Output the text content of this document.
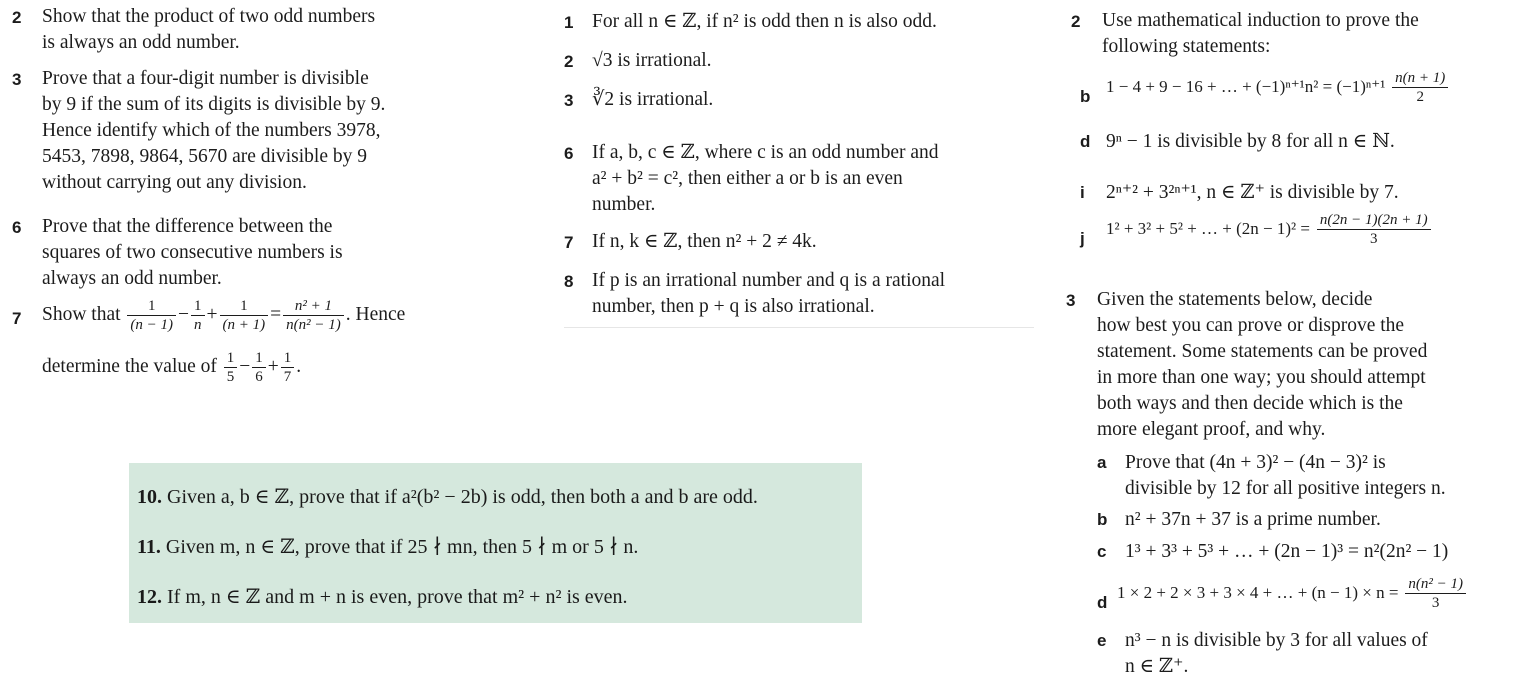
2 Show that the product of two odd numbers
is always an odd number.
3 Prove that a four-digit number is divisible
by 9 if the sum of its digits is divisible by 9.
Hence identify which of the numbers 3978,
5453, 7898, 9864, 5670 are divisible by 9
without carrying out any division.
6 Prove that the difference between the
squares of two consecutive numbers is
always an odd number.
7 Show that $\frac{1}{(n - 1)} - \frac{1}{n} + \frac{1}{(n + 1)} = \frac{\text{n² + 1}}{\text{n(n² − 1)}}$ . Hence
determine the value of $\frac{1}{5} - \frac{1}{6} + \frac{1}{7}$ .
1 For all n ∈ ℤ, if n² is odd then n is also odd.
2 √3 is irrational.
3 ∛2 is irrational.
6 If a, b, c ∈ ℤ, where c is an odd number and
a² + b² = c², then either a or b is an even
number.
7 If n, k ∈ ℤ, then n² + 2 ≠ 4k.
8 If p is an irrational number and q is a rational
number, then p + q is also irrational.
10. Given a, b ∈ ℤ, prove that if a²(b² − 2b) is odd, then both a and b are odd.
11. Given m, n ∈ ℤ, prove that if 25 ∤ mn, then 5 ∤ m or 5 ∤ n.
12. If m, n ∈ ℤ and m + n is even, prove that m² + n² is even.
2 Use mathematical induction to prove the
following statements:
b
1 − 4 + 9 − 16 + … + $(-1)^{n+1}n^2 = (-1)^{n+1} \frac{n(n + 1)}{2}$
d 9ⁿ − 1 is divisible by 8 for all n ∈ ℕ.
i 2ⁿ⁺² + 3²ⁿ⁺¹, n ∈ ℤ⁺ is divisible by 7.
j
1² + 3² + 5² + … + $(2n - 1)^2 = \frac{n(2n - 1)(2n + 1)}{3}$
3 Given the statements below, decide
how best you can prove or disprove the
statement. Some statements can be proved
in more than one way; you should attempt
both ways and then decide which is the
more elegant proof, and why.
a Prove that (4n + 3)² − (4n − 3)² is
divisible by 12 for all positive integers n.
b n² + 37n + 37 is a prime number.
c 1³ + 3³ + 5³ + … + (2n − 1)³ = n²(2n² − 1)
d
1 × 2 + 2 × 3 + 3 × 4 + … + $(n - 1) \times n = \frac{\text{n(n² − 1)}}{3}$
e n³ − n is divisible by 3 for all values of
n ∈ ℤ⁺.
